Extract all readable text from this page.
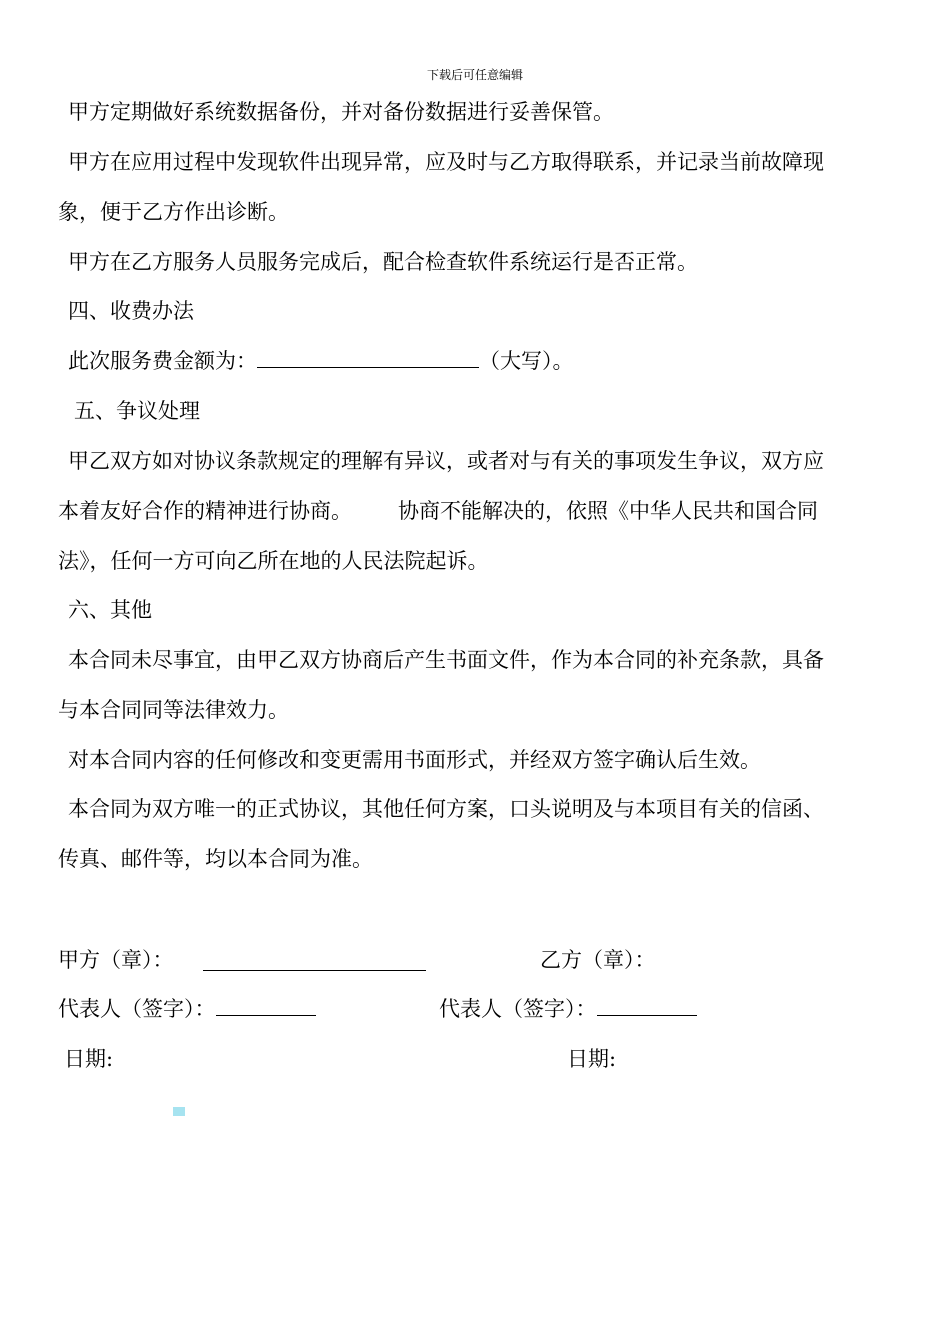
下载后可任意编辑
甲方定期做好系统数据备份，并对备份数据进行妥善保管。
甲方在应用过程中发现软件出现异常，应及时与乙方取得联系，并记录当前故障现
象，便于乙方作出诊断。
甲方在乙方服务人员服务完成后，配合检查软件系统运行是否正常。
四、收费办法
此次服务费金额为：	（大写）。
五、争议处理
甲乙双方如对协议条款规定的理解有异议，或者对与有关的事项发生争议，双方应
本着友好合作的精神进行协商。 协商不能解决的，依照《中华人民共和国合同
法》，任何一方可向乙所在地的人民法院起诉。
六、其他
本合同未尽事宜，由甲乙双方协商后产生书面文件，作为本合同的补充条款，具备
与本合同同等法律效力。
对本合同内容的任何修改和变更需用书面形式，并经双方签字确认后生效。
本合同为双方唯一的正式协议，其他任何方案，口头说明及与本项目有关的信函、
传真、邮件等，均以本合同为准。
甲方（章）：	乙方（章）：
代表人（签字）：	代表人（签字）：
日期:	日期:
